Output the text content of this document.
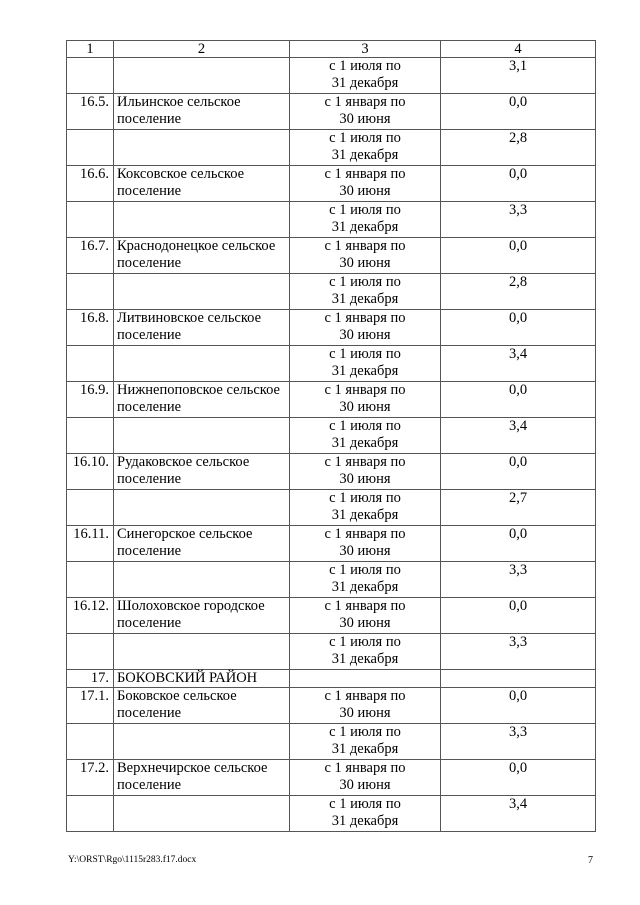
1	2	3	4

		с 1 июля по
31 декабря	3,1
16.5.	Ильинское сельское поселение	с 1 января по
30 июня	0,0

		с 1 июля по
31 декабря	2,8
16.6.	Коксовское сельское поселение	с 1 января по
30 июня	0,0

		с 1 июля по
31 декабря	3,3
16.7.	Краснодонецкое сельское поселение	с 1 января по
30 июня	0,0

		с 1 июля по
31 декабря	2,8
16.8.	Литвиновское сельское поселение	с 1 января по
30 июня	0,0

		с 1 июля по
31 декабря	3,4
16.9.	Нижнепоповское сельское поселение	с 1 января по
30 июня	0,0

		с 1 июля по
31 декабря	3,4
16.10.	Рудаковское сельское поселение	с 1 января по
30 июня	0,0

		с 1 июля по
31 декабря	2,7
16.11.	Синегорское сельское поселение	с 1 января по
30 июня	0,0

		с 1 июля по
31 декабря	3,3
16.12.	Шолоховское городское поселение	с 1 января по
30 июня	0,0

		с 1 июля по
31 декабря	3,3
17.	БОКОВСКИЙ РАЙОН	

17.1.	Боковское сельское поселение	с 1 января по
30 июня	0,0

		с 1 июля по
31 декабря	3,3
17.2.	Верхнечирское сельское поселение	с 1 января по
30 июня	0,0

		с 1 июля по
31 декабря	3,4
Y:\ORST\Rgo\1115r283.f17.docx	7
